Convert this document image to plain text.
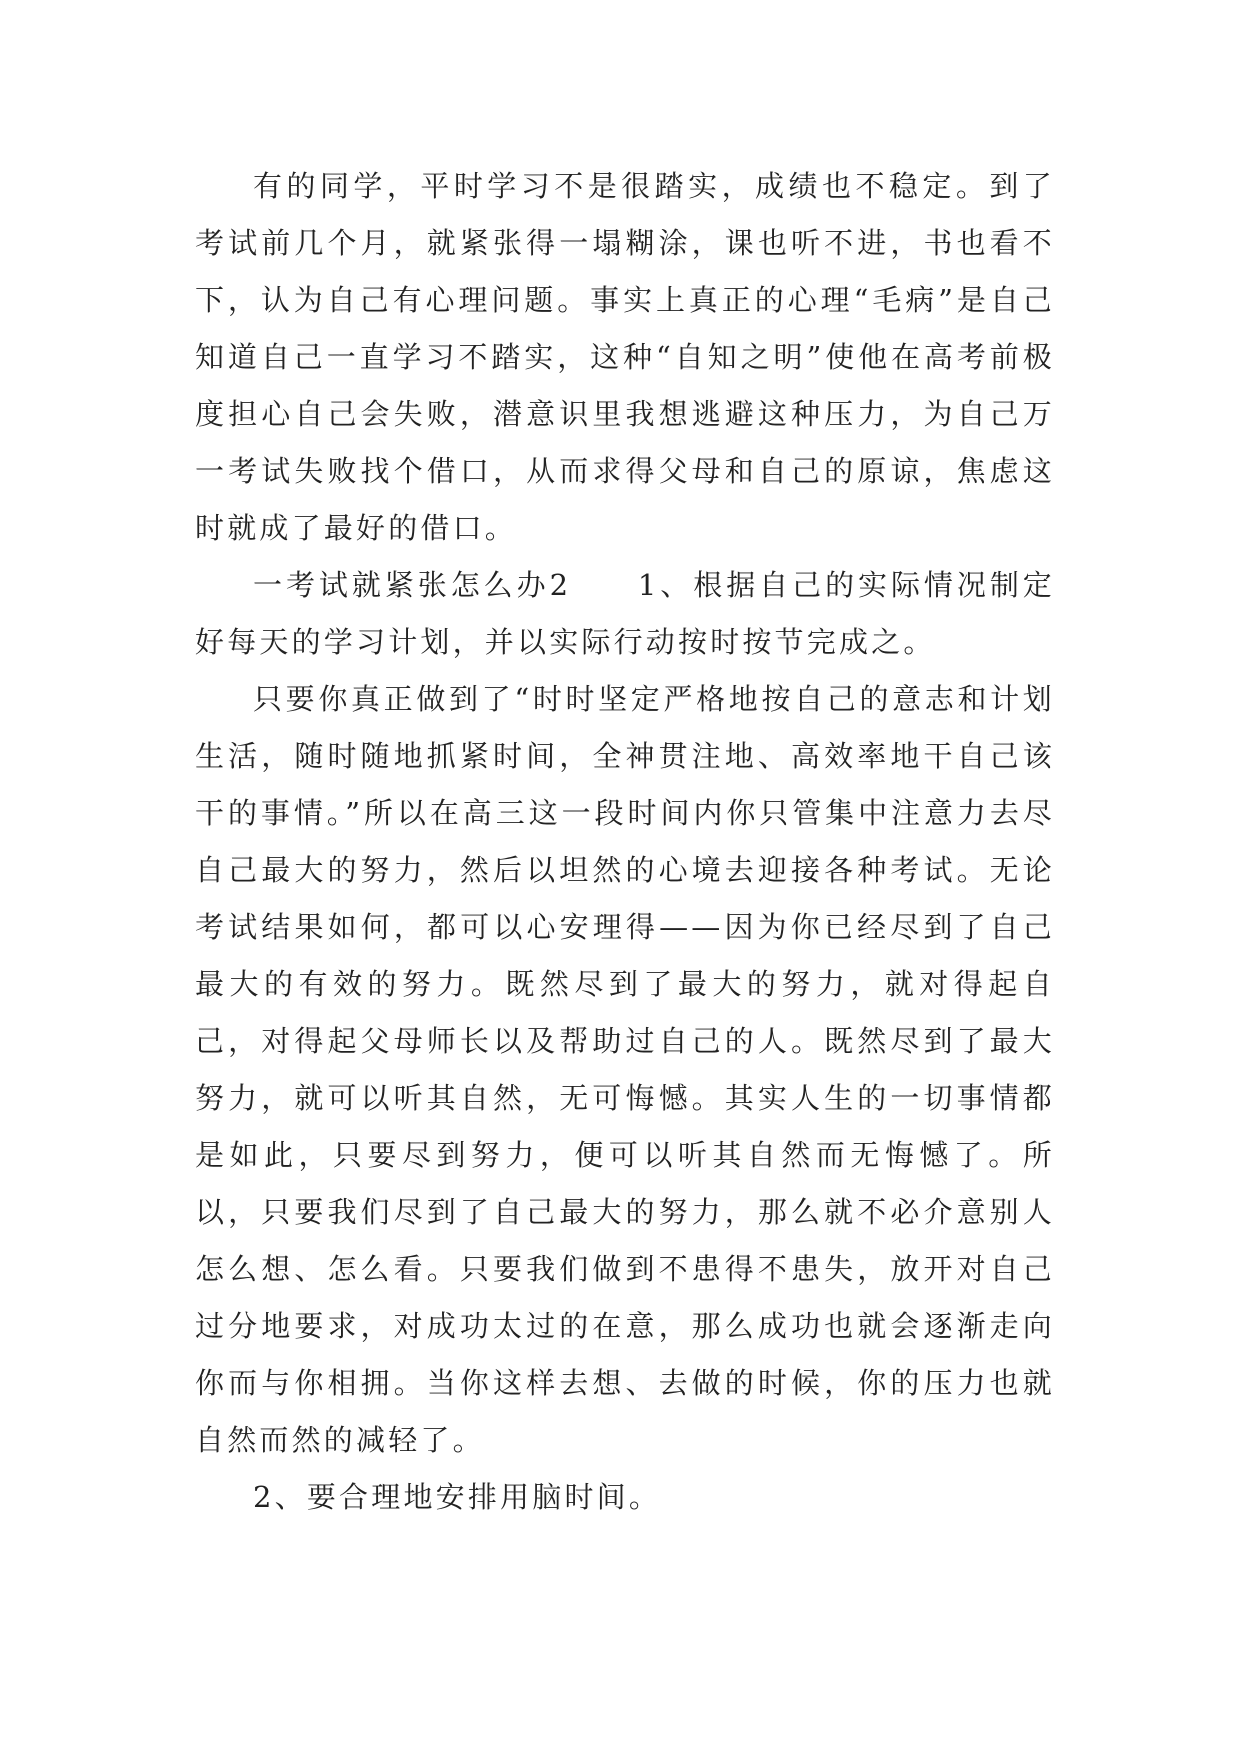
有的同学，平时学习不是很踏实，成绩也不稳定。到了考试前几个月，就紧张得一塌糊涂，课也听不进，书也看不下，认为自己有心理问题。事实上真正的心理“毛病”是自己知道自己一直学习不踏实，这种“自知之明”使他在高考前极度担心自己会失败，潜意识里我想逃避这种压力，为自己万一考试失败找个借口，从而求得父母和自己的原谅，焦虑这时就成了最好的借口。

一考试就紧张怎么办2　　1、根据自己的实际情况制定好每天的学习计划，并以实际行动按时按节完成之。

只要你真正做到了“时时坚定严格地按自己的意志和计划生活，随时随地抓紧时间，全神贯注地、高效率地干自己该干的事情。”所以在高三这一段时间内你只管集中注意力去尽自己最大的努力，然后以坦然的心境去迎接各种考试。无论考试结果如何，都可以心安理得——因为你已经尽到了自己最大的有效的努力。既然尽到了最大的努力，就对得起自己，对得起父母师长以及帮助过自己的人。既然尽到了最大努力，就可以听其自然，无可悔憾。其实人生的一切事情都是如此，只要尽到努力，便可以听其自然而无悔憾了。所以，只要我们尽到了自己最大的努力，那么就不必介意别人怎么想、怎么看。只要我们做到不患得不患失，放开对自己过分地要求，对成功太过的在意，那么成功也就会逐渐走向你而与你相拥。当你这样去想、去做的时候，你的压力也就自然而然的减轻了。

2、要合理地安排用脑时间。
